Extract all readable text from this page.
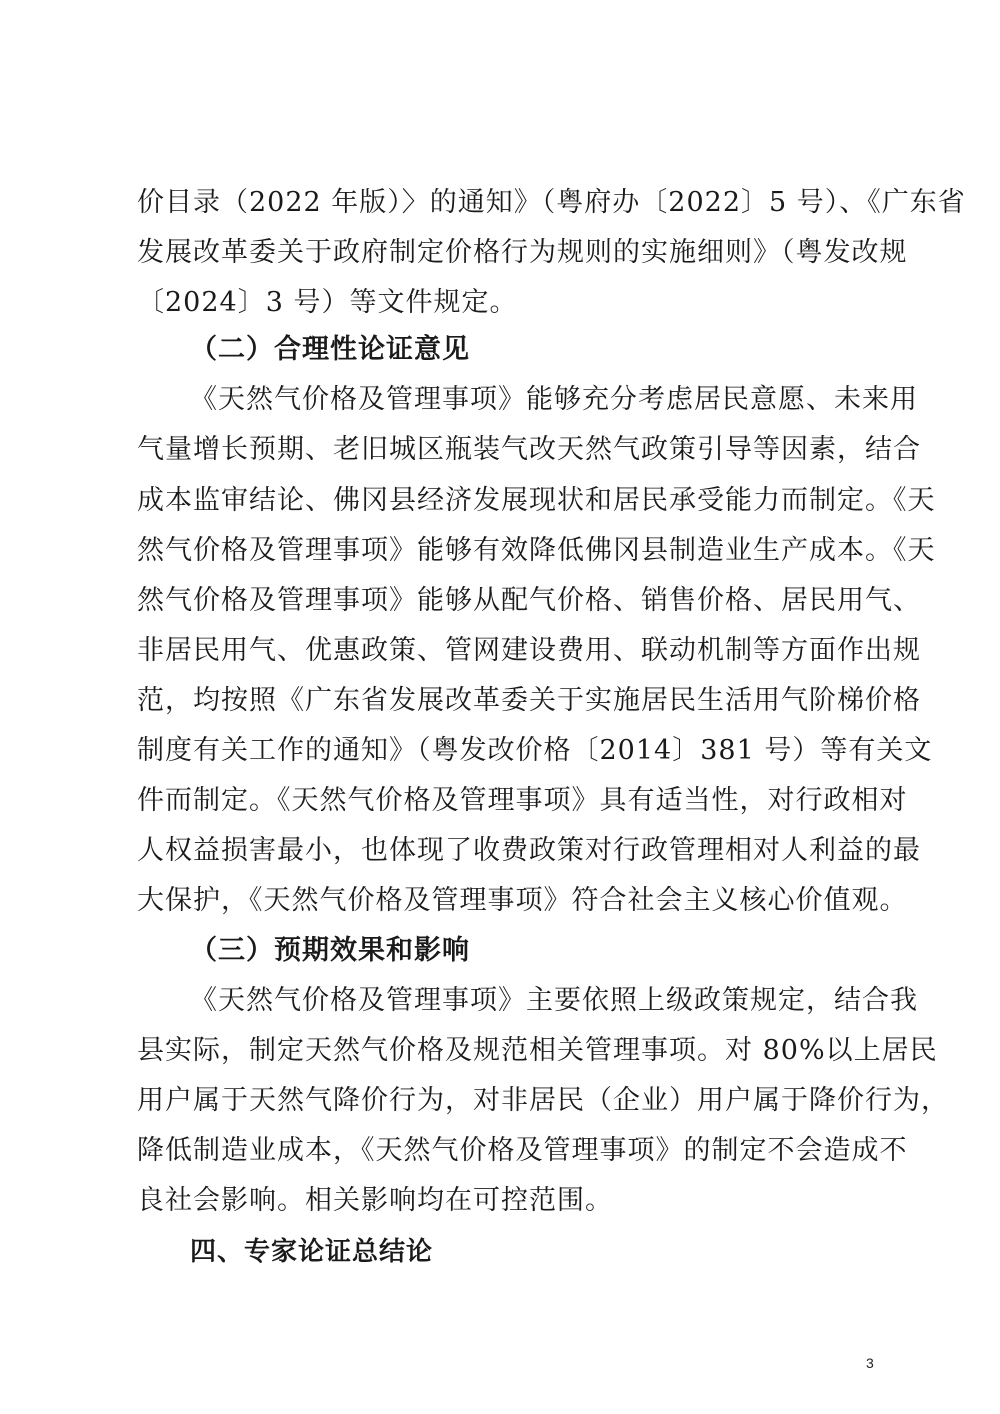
价目录（2022 年版）〉的通知》（粤府办〔2022〕5 号）、《广东省
发展改革委关于政府制定价格行为规则的实施细则》（粤发改规
〔2024〕3 号）等文件规定。
（二）合理性论证意见
《天然气价格及管理事项》能够充分考虑居民意愿、未来用
气量增长预期、老旧城区瓶装气改天然气政策引导等因素，结合
成本监审结论、佛冈县经济发展现状和居民承受能力而制定。《天
然气价格及管理事项》能够有效降低佛冈县制造业生产成本。《天
然气价格及管理事项》能够从配气价格、销售价格、居民用气、
非居民用气、优惠政策、管网建设费用、联动机制等方面作出规
范，均按照《广东省发展改革委关于实施居民生活用气阶梯价格
制度有关工作的通知》（粤发改价格〔2014〕381 号）等有关文
件而制定。《天然气价格及管理事项》具有适当性，对行政相对
人权益损害最小，也体现了收费政策对行政管理相对人利益的最
大保护，《天然气价格及管理事项》符合社会主义核心价值观。
（三）预期效果和影响
《天然气价格及管理事项》主要依照上级政策规定，结合我
县实际，制定天然气价格及规范相关管理事项。对 80%以上居民
用户属于天然气降价行为，对非居民（企业）用户属于降价行为，
降低制造业成本，《天然气价格及管理事项》的制定不会造成不
良社会影响。相关影响均在可控范围。
四、专家论证总结论
3
